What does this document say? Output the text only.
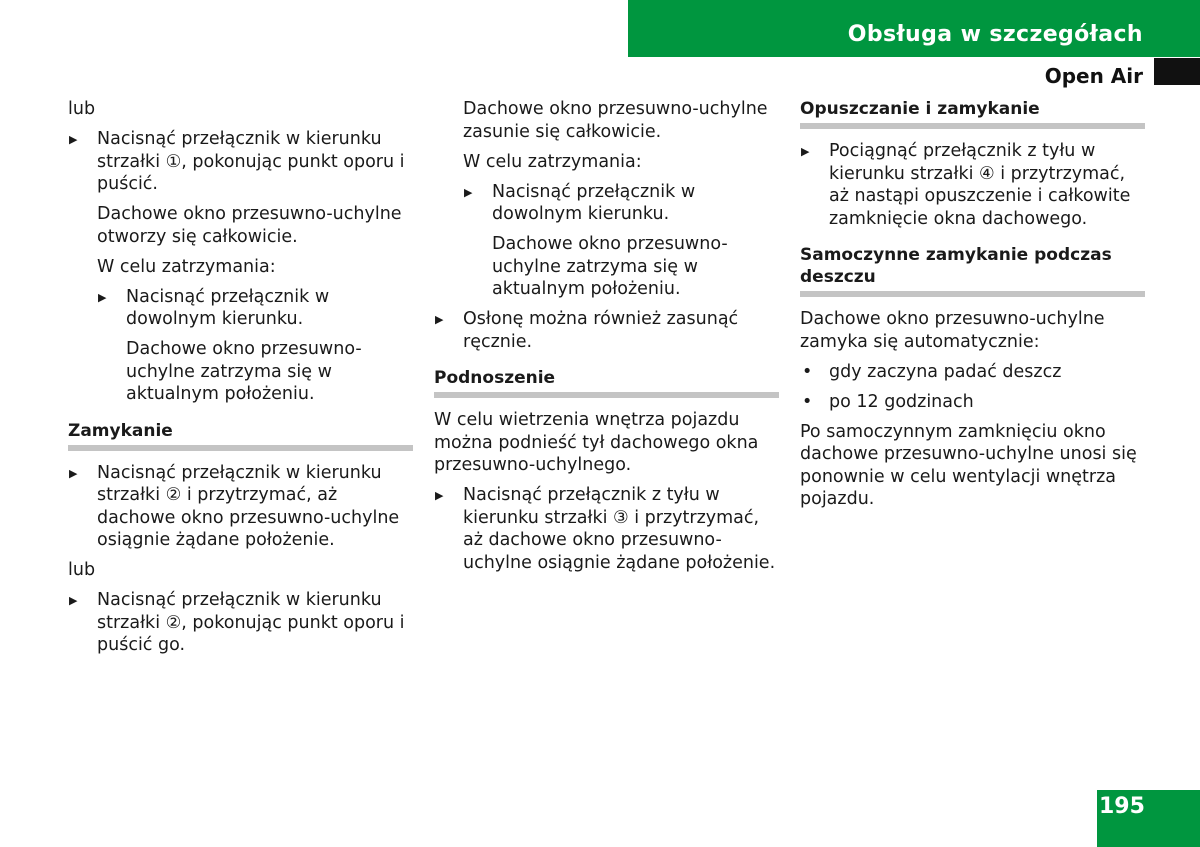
Obsługa w szczegółach
Open Air

lub

▶ Nacisnąć przełącznik w kierunku strzałki ①, pokonując punkt oporu i puścić.

Dachowe okno przesuwno-uchylne otworzy się całkowicie.

W celu zatrzymania:

▶ Nacisnąć przełącznik w dowolnym kierunku.

Dachowe okno przesuwno-uchylne zatrzyma się w aktualnym położeniu.

Zamykanie
▶ Nacisnąć przełącznik w kierunku strzałki ② i przytrzymać, aż dachowe okno przesuwno-uchylne osiągnie żądane położenie.

lub

▶ Nacisnąć przełącznik w kierunku strzałki ②, pokonując punkt oporu i puścić go.

Dachowe okno przesuwno-uchylne zasunie się całkowicie.

W celu zatrzymania:

▶ Nacisnąć przełącznik w dowolnym kierunku.

Dachowe okno przesuwno-uchylne zatrzyma się w aktualnym położeniu.

▶ Osłonę można również zasunąć ręcznie.
Podnoszenie

W celu wietrzenia wnętrza pojazdu można podnieść tył dachowego okna przesuwno-uchylnego.

▶ Nacisnąć przełącznik z tyłu w kierunku strzałki ③ i przytrzymać, aż dachowe okno przesuwno-uchylne osiągnie żądane położenie.
Opuszczanie i zamykanie
▶ Pociągnąć przełącznik z tyłu w kierunku strzałki ④ i przytrzymać, aż nastąpi opuszczenie i całkowite zamknięcie okna dachowego.
Samoczynne zamykanie podczas deszczu

Dachowe okno przesuwno-uchylne zamyka się automatycznie:

• gdy zaczyna padać deszcz
• po 12 godzinach

Po samoczynnym zamknięciu okno dachowe przesuwno-uchylne unosi się ponownie w celu wentylacji wnętrza pojazdu.

195
